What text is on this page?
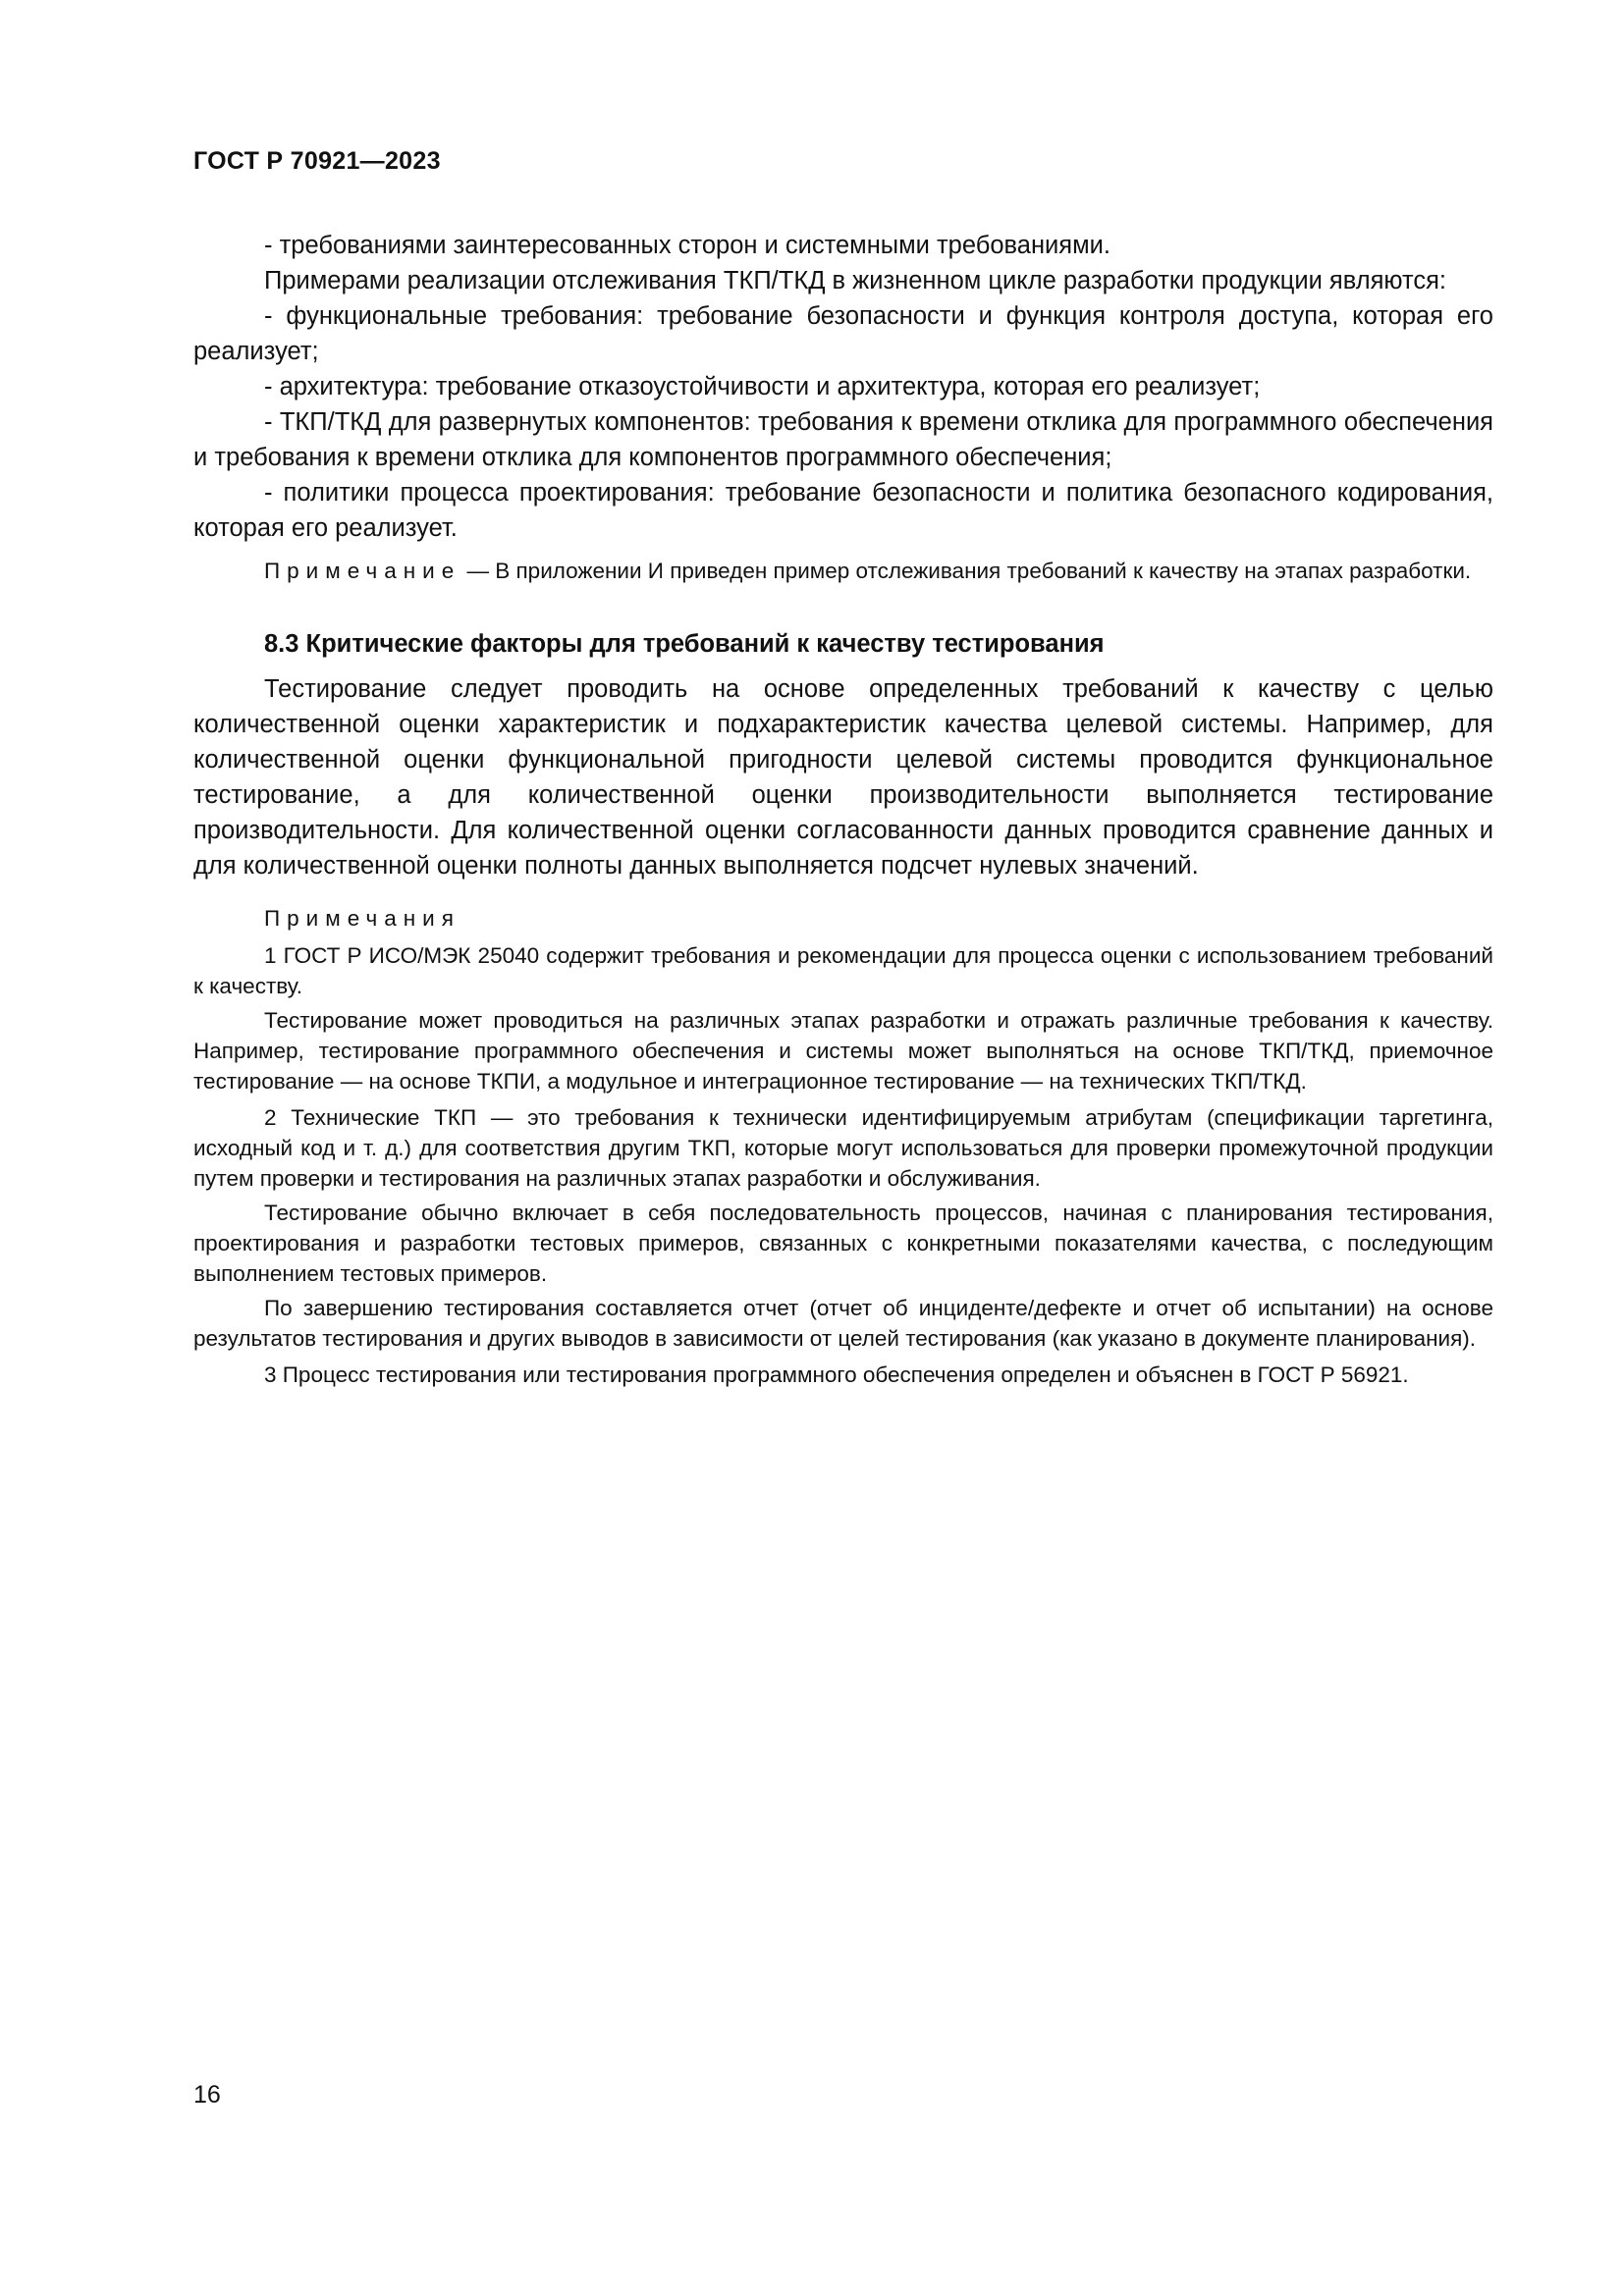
ГОСТ Р 70921—2023

- требованиями заинтересованных сторон и системными требованиями.

Примерами реализации отслеживания ТКП/ТКД в жизненном цикле разработки продукции являются:

- функциональные требования: требование безопасности и функция контроля доступа, которая его реализует;

- архитектура: требование отказоустойчивости и архитектура, которая его реализует;

- ТКП/ТКД для развернутых компонентов: требования к времени отклика для программного обеспечения и требования к времени отклика для компонентов программного обеспечения;

- политики процесса проектирования: требование безопасности и политика безопасного кодирования, которая его реализует.

Примечание — В приложении И приведен пример отслеживания требований к качеству на этапах разработки.

8.3 Критические факторы для требований к качеству тестирования

Тестирование следует проводить на основе определенных требований к качеству с целью количественной оценки характеристик и подхарактеристик качества целевой системы. Например, для количественной оценки функциональной пригодности целевой системы проводится функциональное тестирование, а для количественной оценки производительности выполняется тестирование производительности. Для количественной оценки согласованности данных проводится сравнение данных и для количественной оценки полноты данных выполняется подсчет нулевых значений.

Примечания

1 ГОСТ Р ИСО/МЭК 25040 содержит требования и рекомендации для процесса оценки с использованием требований к качеству.

Тестирование может проводиться на различных этапах разработки и отражать различные требования к качеству. Например, тестирование программного обеспечения и системы может выполняться на основе ТКП/ТКД, приемочное тестирование — на основе ТКПИ, а модульное и интеграционное тестирование — на технических ТКП/ТКД.

2 Технические ТКП — это требования к технически идентифицируемым атрибутам (спецификации таргетинга, исходный код и т. д.) для соответствия другим ТКП, которые могут использоваться для проверки промежуточной продукции путем проверки и тестирования на различных этапах разработки и обслуживания.

Тестирование обычно включает в себя последовательность процессов, начиная с планирования тестирования, проектирования и разработки тестовых примеров, связанных с конкретными показателями качества, с последующим выполнением тестовых примеров.

По завершению тестирования составляется отчет (отчет об инциденте/дефекте и отчет об испытании) на основе результатов тестирования и других выводов в зависимости от целей тестирования (как указано в документе планирования).

3 Процесс тестирования или тестирования программного обеспечения определен и объяснен в ГОСТ Р 56921.

16
